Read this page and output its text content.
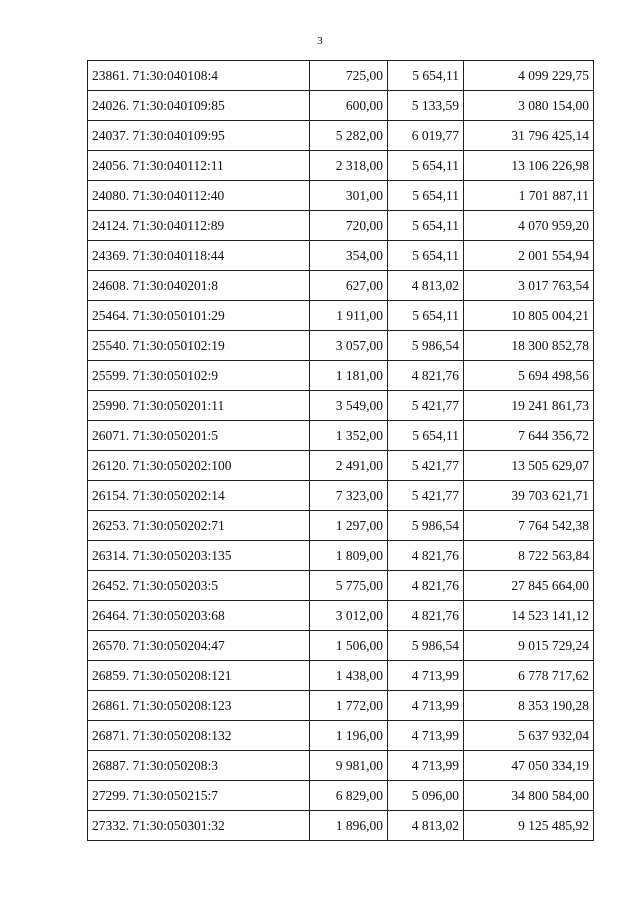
3
23861. 71:30:040108:4	725,00	5 654,11	4 099 229,75
24026. 71:30:040109:85	600,00	5 133,59	3 080 154,00
24037. 71:30:040109:95	5 282,00	6 019,77	31 796 425,14
24056. 71:30:040112:11	2 318,00	5 654,11	13 106 226,98
24080. 71:30:040112:40	301,00	5 654,11	1 701 887,11
24124. 71:30:040112:89	720,00	5 654,11	4 070 959,20
24369. 71:30:040118:44	354,00	5 654,11	2 001 554,94
24608. 71:30:040201:8	627,00	4 813,02	3 017 763,54
25464. 71:30:050101:29	1 911,00	5 654,11	10 805 004,21
25540. 71:30:050102:19	3 057,00	5 986,54	18 300 852,78
25599. 71:30:050102:9	1 181,00	4 821,76	5 694 498,56
25990. 71:30:050201:11	3 549,00	5 421,77	19 241 861,73
26071. 71:30:050201:5	1 352,00	5 654,11	7 644 356,72
26120. 71:30:050202:100	2 491,00	5 421,77	13 505 629,07
26154. 71:30:050202:14	7 323,00	5 421,77	39 703 621,71
26253. 71:30:050202:71	1 297,00	5 986,54	7 764 542,38
26314. 71:30:050203:135	1 809,00	4 821,76	8 722 563,84
26452. 71:30:050203:5	5 775,00	4 821,76	27 845 664,00
26464. 71:30:050203:68	3 012,00	4 821,76	14 523 141,12
26570. 71:30:050204:47	1 506,00	5 986,54	9 015 729,24
26859. 71:30:050208:121	1 438,00	4 713,99	6 778 717,62
26861. 71:30:050208:123	1 772,00	4 713,99	8 353 190,28
26871. 71:30:050208:132	1 196,00	4 713,99	5 637 932,04
26887. 71:30:050208:3	9 981,00	4 713,99	47 050 334,19
27299. 71:30:050215:7	6 829,00	5 096,00	34 800 584,00
27332. 71:30:050301:32	1 896,00	4 813,02	9 125 485,92
